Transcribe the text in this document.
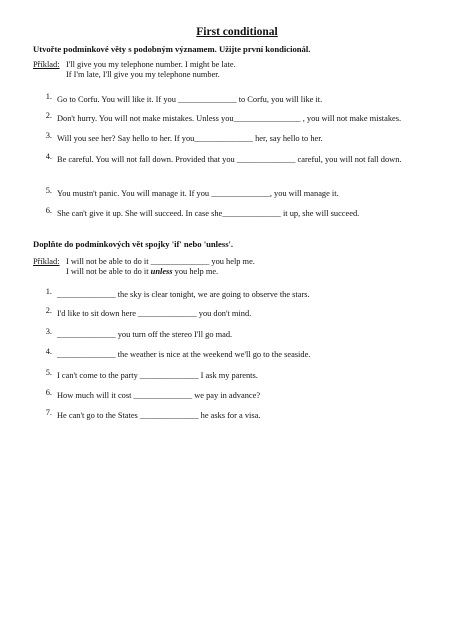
First conditional
Utvořte podmínkové věty s podobným významem. Užijte první kondicionál.
Příklad: I'll give you my telephone number. I might be late.
If I'm late, I'll give you my telephone number.
1. Go to Corfu. You will like it. If you ______________ to Corfu, you will like it.
2. Don't hurry. You will not make mistakes. Unless you________________ , you will not make mistakes.
3. Will you see her? Say hello to her. If you______________ her, say hello to her.
4. Be careful. You will not fall down. Provided that you ______________ careful, you will not fall down.
5. You mustn't panic. You will manage it. If you ______________, you will manage it.
6. She can't give it up. She will succeed. In case she______________ it up, she will succeed.
Doplňte do podmínkových vět spojky 'if' nebo 'unless'.
Příklad: I will not be able to do it ______________ you help me.
I will not be able to do it unless you help me.
1. ______________ the sky is clear tonight, we are going to observe the stars.
2. I'd like to sit down here ______________ you don't mind.
3. ______________ you turn off the stereo I'll go mad.
4. ______________ the weather is nice at the weekend we'll go to the seaside.
5. I can't come to the party ______________ I ask my parents.
6. How much will it cost ______________ we pay in advance?
7. He can't go to the States ______________ he asks for a visa.
